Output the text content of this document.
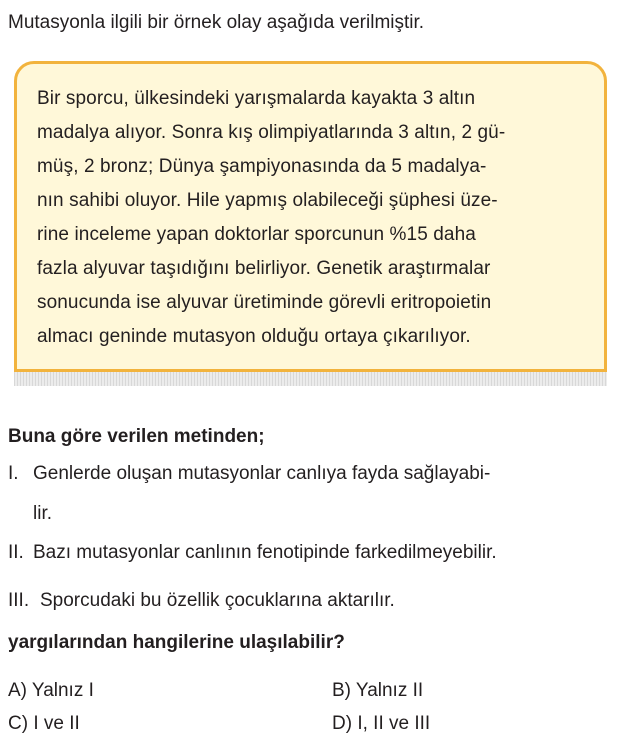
Mutasyonla ilgili bir örnek olay aşağıda verilmiştir.
Bir sporcu, ülkesindeki yarışmalarda kayakta 3 altın
madalya alıyor. Sonra kış olimpiyatlarında 3 altın, 2 gü-
müş, 2 bronz; Dünya şampiyonasında da 5 madalya-
nın sahibi oluyor. Hile yapmış olabileceği şüphesi üze-
rine inceleme yapan doktorlar sporcunun %15 daha
fazla alyuvar taşıdığını belirliyor. Genetik araştırmalar
sonucunda ise alyuvar üretiminde görevli eritropoietin
almacı geninde mutasyon olduğu ortaya çıkarılıyor.
Buna göre verilen metinden;
I. Genlerde oluşan mutasyonlar canlıya fayda sağlayabi-
lir.
II. Bazı mutasyonlar canlının fenotipinde farkedilmeyebilir.
III. Sporcudaki bu özellik çocuklarına aktarılır.
yargılarından hangilerine ulaşılabilir?
A) Yalnız I	B) Yalnız II
C) I ve II	D) I, II ve III
